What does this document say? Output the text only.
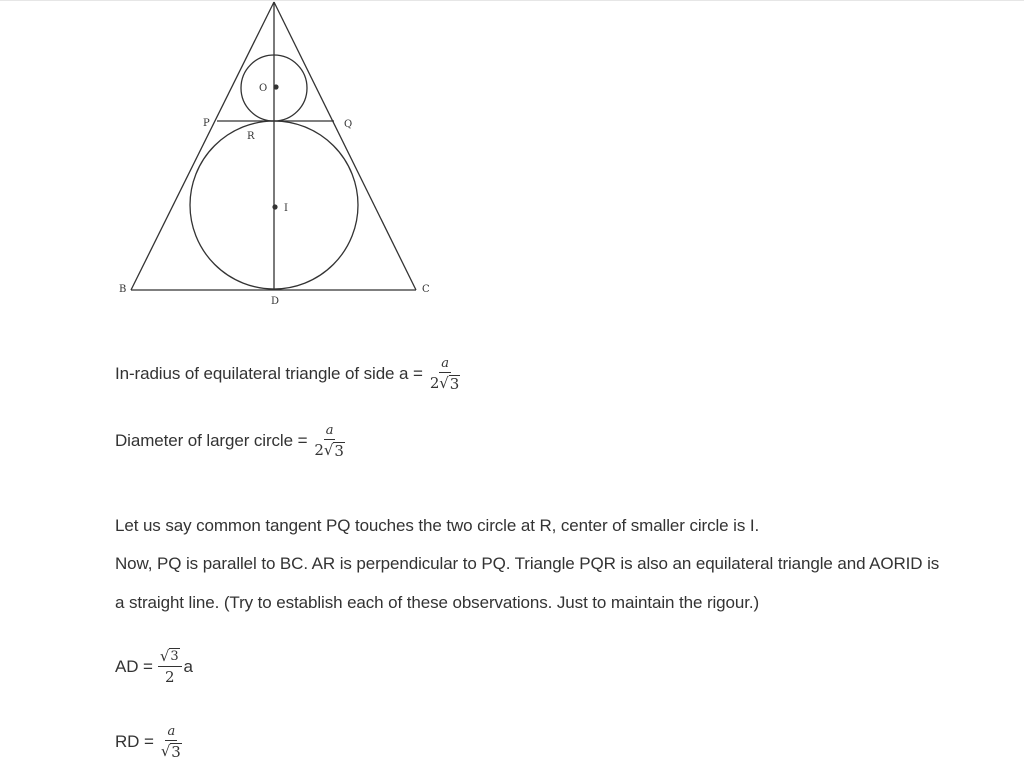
O
P	Q
R
I
B	C
D
In-radius of equilateral triangle of side $a = \frac{a}{2 √ 3}$
Diameter of larger circle = $\frac{a}{2 √ 3}$
Let us say common tangent PQ touches the two circle at R, center of smaller circle is I.
Now, PQ is parallel to BC. AR is perpendicular to PQ. Triangle PQR is also an equilateral triangle and AORID is
a straight line. (Try to establish each of these observations. Just to maintain the rigour.)
AD = $\frac{√ 3}{2}$ a
RD = $\frac{a}{√ 3}$
